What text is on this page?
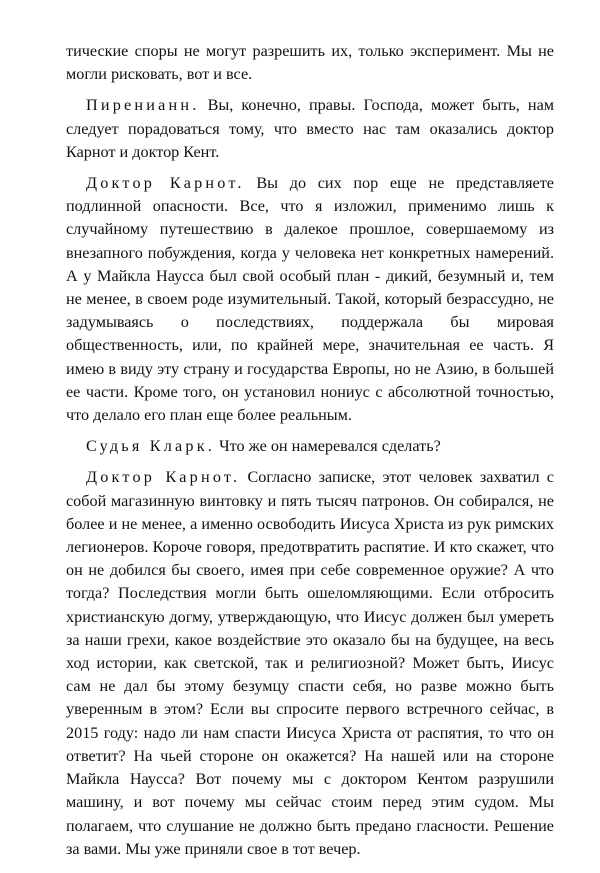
тические споры не могут разрешить их, только эксперимент. Мы не могли рисковать, вот и все.

Пиренианн. Вы, конечно, правы. Господа, может быть, нам следует порадоваться тому, что вместо нас там оказались доктор Карнот и доктор Кент.

Доктор Карнот. Вы до сих пор еще не представляете подлинной опасности. Все, что я изложил, применимо лишь к случайному путешествию в далекое прошлое, совершаемому из внезапного побуждения, когда у человека нет конкретных намерений. А у Майкла Наусса был свой особый план - дикий, безумный и, тем не менее, в своем роде изумительный. Такой, который безрассудно, не задумываясь о последствиях, поддержала бы мировая общественность, или, по крайней мере, значительная ее часть. Я имею в виду эту страну и государства Европы, но не Азию, в большей ее части. Кроме того, он установил нониус с абсолютной точностью, что делало его план еще более реальным.

Судья Кларк. Что же он намеревался сделать?

Доктор Карнот. Согласно записке, этот человек захватил с собой магазинную винтовку и пять тысяч патронов. Он собирался, не более и не менее, а именно освободить Иисуса Христа из рук римских легионеров. Короче говоря, предотвратить распятие. И кто скажет, что он не добился бы своего, имея при себе современное оружие? А что тогда? Последствия могли быть ошеломляющими. Если отбросить христианскую догму, утверждающую, что Иисус должен был умереть за наши грехи, какое воздействие это оказало бы на будущее, на весь ход истории, как светской, так и религиозной? Может быть, Иисус сам не дал бы этому безумцу спасти себя, но разве можно быть уверенным в этом? Если вы спросите первого встречного сейчас, в 2015 году: надо ли нам спасти Иисуса Христа от распятия, то что он ответит? На чьей стороне он окажется? На нашей или на стороне Майкла Наусса? Вот почему мы с доктором Кентом разрушили машину, и вот почему мы сейчас стоим перед этим судом. Мы полагаем, что слушание не должно быть предано гласности. Решение за вами. Мы уже приняли свое в тот вечер.
